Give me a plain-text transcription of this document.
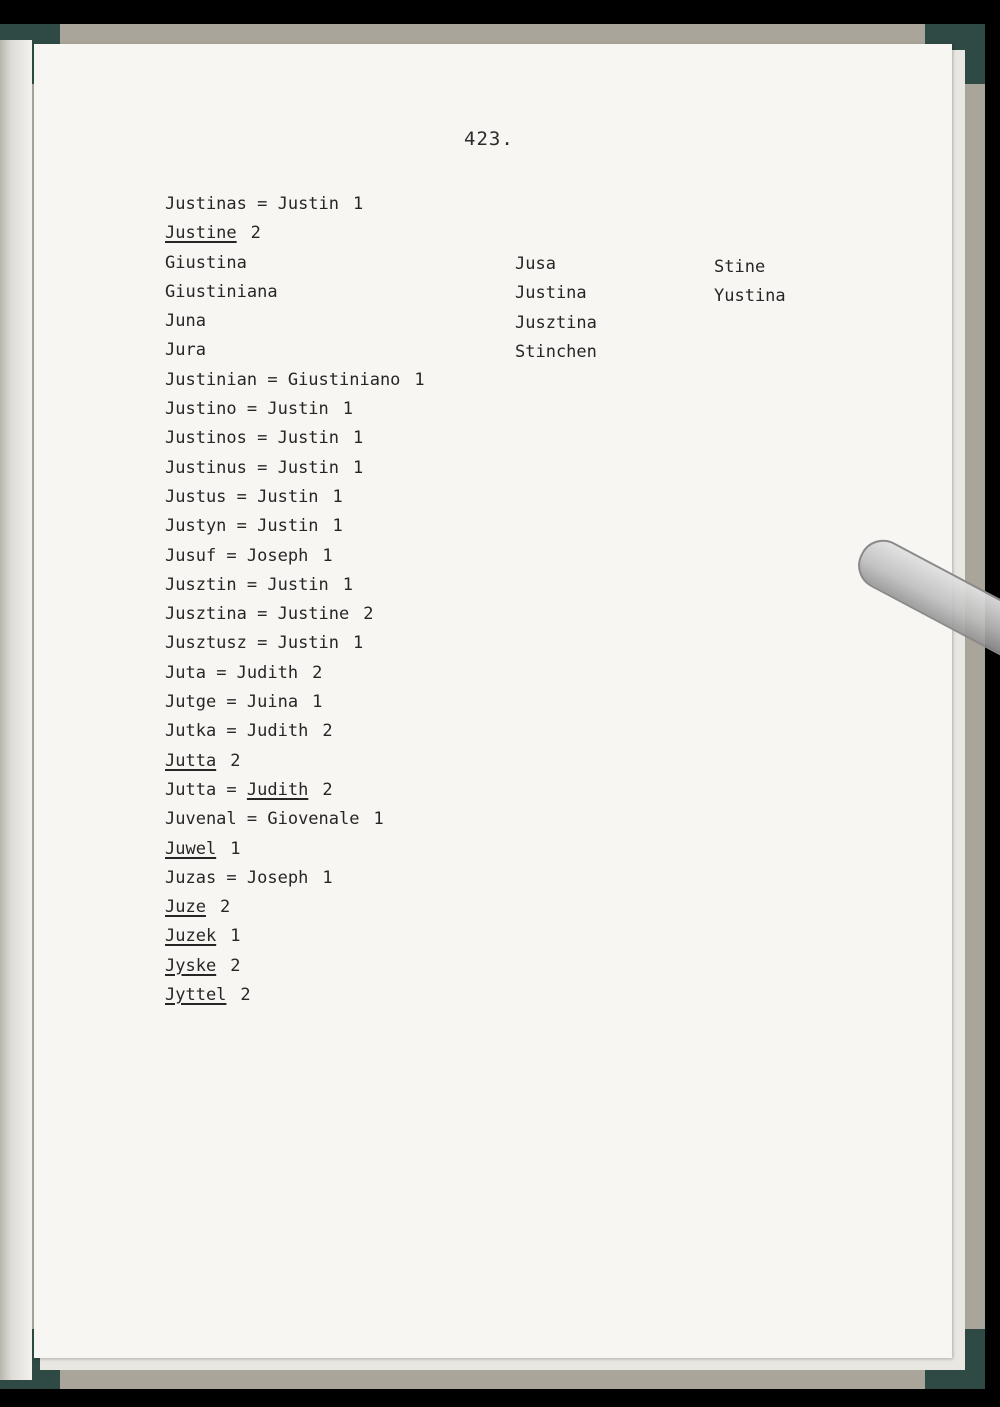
423.
Justinas = Justin 1
Justine 2
Giustina
Giustiniana
Juna
Jura
Justinian = Giustiniano 1
Justino = Justin 1
Justinos = Justin 1
Justinus = Justin 1
Justus = Justin 1
Justyn = Justin 1
Jusuf = Joseph 1
Jusztin = Justin 1
Jusztina = Justine 2
Jusztusz = Justin 1
Juta = Judith 2
Jutge = Juina 1
Jutka = Judith 2
Jutta 2
Jutta = Judith 2
Juvenal = Giovenale 1
Juwel 1
Juzas = Joseph 1
Juze 2
Juzek 1
Jyske 2
Jyttel 2
Jusa
Justina
Jusztina
Stinchen
Stine
Yustina
